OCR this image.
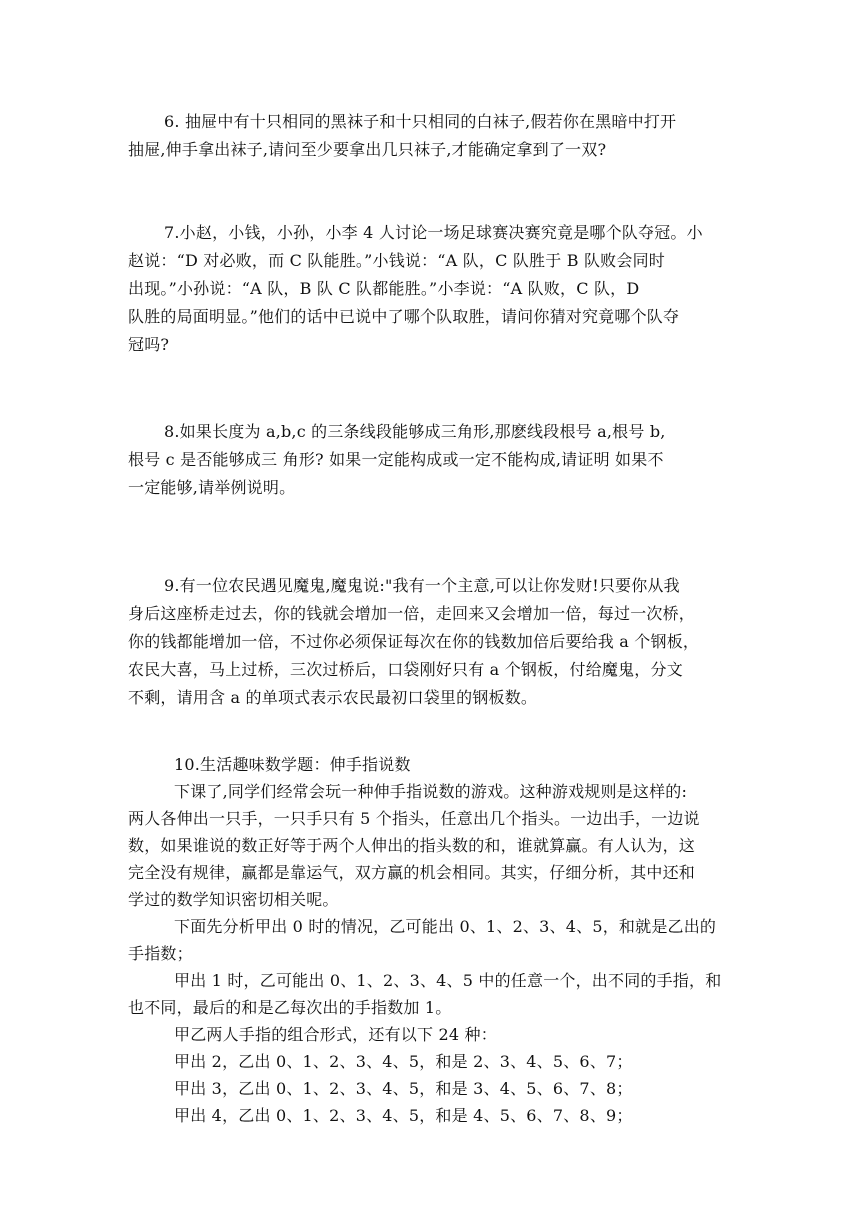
6. 抽屉中有十只相同的黑袜子和十只相同的白袜子,假若你在黑暗中打开
抽屉,伸手拿出袜子,请问至少要拿出几只袜子,才能确定拿到了一双?
7.小赵，小钱，小孙，小李 4 人讨论一场足球赛决赛究竟是哪个队夺冠。小
赵说：“D 对必败，而 C 队能胜。”小钱说：“A 队，C 队胜于 B 队败会同时
出现。”小孙说：“A 队，B 队 C 队都能胜。”小李说：“A 队败，C 队，D
队胜的局面明显。”他们的话中已说中了哪个队取胜，请问你猜对究竟哪个队夺
冠吗?
8.如果长度为 a,b,c 的三条线段能够成三角形,那麽线段根号 a,根号 b,
根号 c 是否能够成三 角形? 如果一定能构成或一定不能构成,请证明 如果不
一定能够,请举例说明。
9.有一位农民遇见魔鬼,魔鬼说:"我有一个主意,可以让你发财!只要你从我
身后这座桥走过去，你的钱就会增加一倍，走回来又会增加一倍，每过一次桥，
你的钱都能增加一倍，不过你必须保证每次在你的钱数加倍后要给我 a 个钢板，
农民大喜，马上过桥，三次过桥后，口袋刚好只有 a 个钢板，付给魔鬼，分文
不剩，请用含 a 的单项式表示农民最初口袋里的钢板数。
10.生活趣味数学题：伸手指说数
下课了,同学们经常会玩一种伸手指说数的游戏。这种游戏规则是这样的:
两人各伸出一只手，一只手只有 5 个指头，任意出几个指头。一边出手，一边说
数，如果谁说的数正好等于两个人伸出的指头数的和，谁就算赢。有人认为，这
完全没有规律，赢都是靠运气，双方赢的机会相同。其实，仔细分析，其中还和
学过的数学知识密切相关呢。
下面先分析甲出 0 时的情况，乙可能出 0、1、2、3、4、5，和就是乙出的
手指数；
甲出 1 时，乙可能出 0、1、2、3、4、5 中的任意一个，出不同的手指，和
也不同，最后的和是乙每次出的手指数加 1。
甲乙两人手指的组合形式，还有以下 24 种：
甲出 2，乙出 0、1、2、3、4、5，和是 2、3、4、5、6、7；
甲出 3，乙出 0、1、2、3、4、5，和是 3、4、5、6、7、8；
甲出 4，乙出 0、1、2、3、4、5，和是 4、5、6、7、8、9；
